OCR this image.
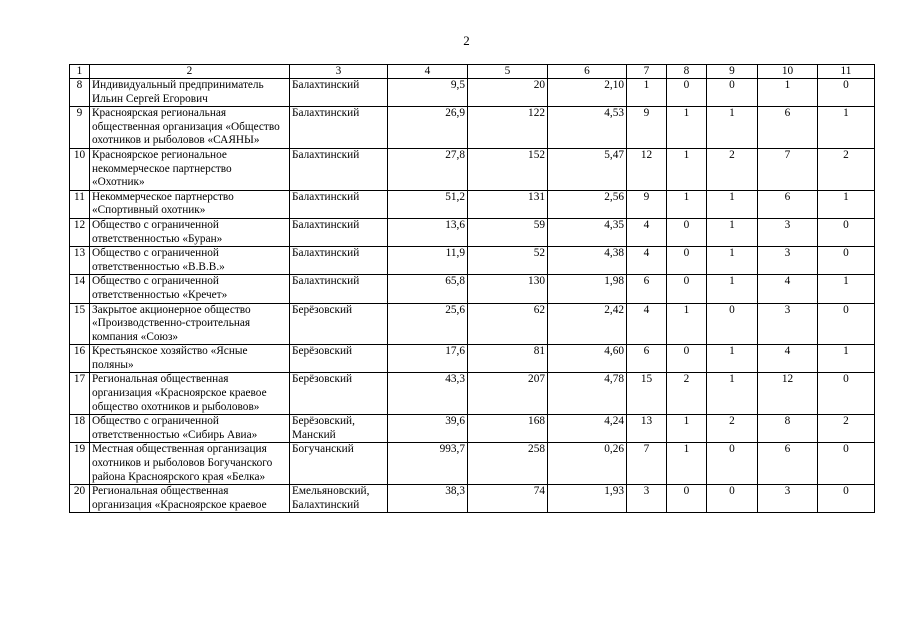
2
1	2	3	4	5	6	7	8	9	10	11
8	Индивидуальный предприниматель Ильин Сергей Егорович	Балахтинский	9,5	20	2,10	1	0	0	1	0
9	Красноярская региональная общественная организация «Общество охотников и рыболовов «САЯНЫ»	Балахтинский	26,9	122	4,53	9	1	1	6	1
10	Красноярское региональное некоммерческое партнерство «Охотник»	Балахтинский	27,8	152	5,47	12	1	2	7	2
11	Некоммерческое партнерство «Спортивный охотник»	Балахтинский	51,2	131	2,56	9	1	1	6	1
12	Общество с ограниченной ответственностью «Буран»	Балахтинский	13,6	59	4,35	4	0	1	3	0
13	Общество с ограниченной ответственностью «В.В.В.»	Балахтинский	11,9	52	4,38	4	0	1	3	0
14	Общество с ограниченной ответственностью «Кречет»	Балахтинский	65,8	130	1,98	6	0	1	4	1
15	Закрытое акционерное общество «Производственно-строительная компания «Союз»	Берёзовский	25,6	62	2,42	4	1	0	3	0
16	Крестьянское хозяйство «Ясные поляны»	Берёзовский	17,6	81	4,60	6	0	1	4	1
17	Региональная общественная организация «Красноярское краевое общество охотников и рыболовов»	Берёзовский	43,3	207	4,78	15	2	1	12	0
18	Общество с ограниченной ответственностью «Сибирь Авиа»	Берёзовский, Манский	39,6	168	4,24	13	1	2	8	2
19	Местная общественная организация охотников и рыболовов Богучанского района Красноярского края «Белка»	Богучанский	993,7	258	0,26	7	1	0	6	0
20	Региональная общественная организация «Красноярское краевое	Емельяновский, Балахтинский	38,3	74	1,93	3	0	0	3	0
